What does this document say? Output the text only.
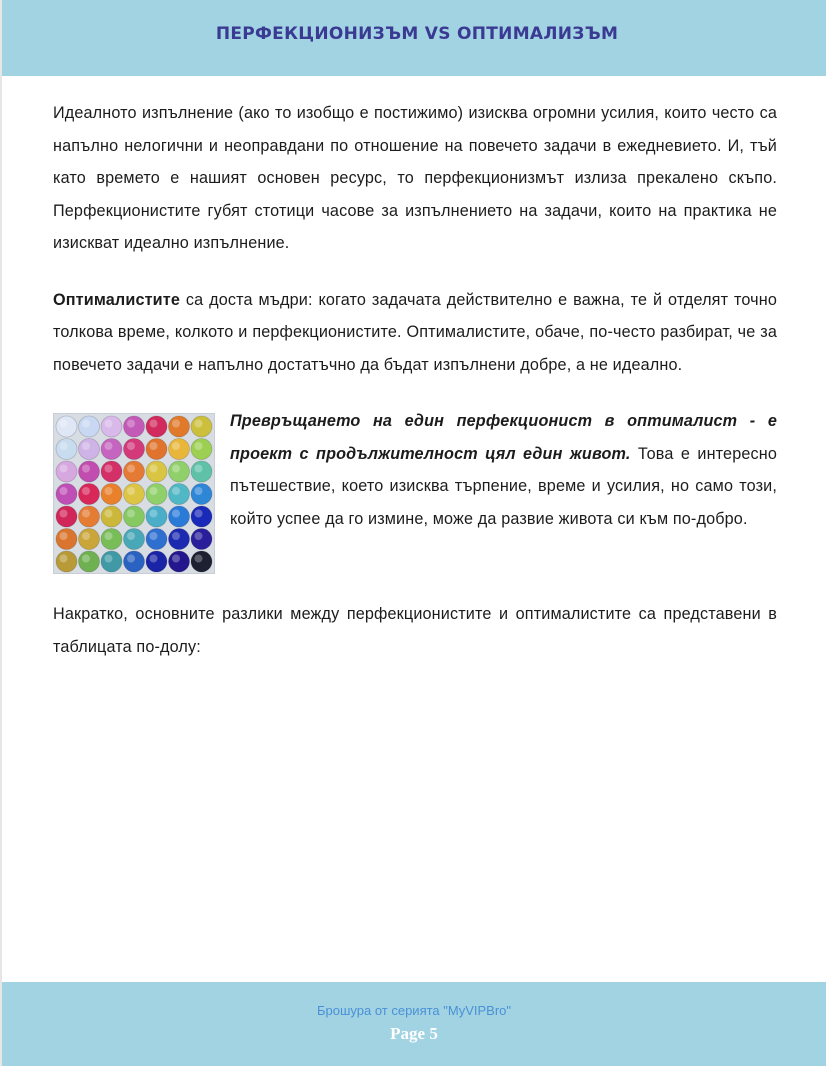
ПЕРФЕКЦИОНИЗЪМ VS ОПТИМАЛИЗЪМ

Идеалното изпълнение (ако то изобщо е постижимо) изисква огромни усилия, които често са напълно нелогични и неоправдани по отношение на повечето задачи в ежедневието. И, тъй като времето е нашият основен ресурс, то перфекционизмът излиза прекалено скъпо. Перфекционистите губят стотици часове за изпълнението на задачи, които на практика не изискват идеално изпълнение.

Оптималистите са доста мъдри: когато задачата действително е важна, те й отделят точно толкова време, колкото и перфекционистите. Оптималистите, обаче, по-често разбират, че за повечето задачи е напълно достатъчно да бъдат изпълнени добре, а не идеално.

Превръщането на един перфекционист в оптималист - е проект с продължителност цял един живот. Това е интересно пътешествие, което изисква търпение, време и усилия, но само този, който успее да го измине, може да развие живота си към по-добро.

Накратко, основните разлики между перфекционистите и оптималистите са представени в таблицата по-долу:

Брошура от серията "MyVIPBro"
Page 5
